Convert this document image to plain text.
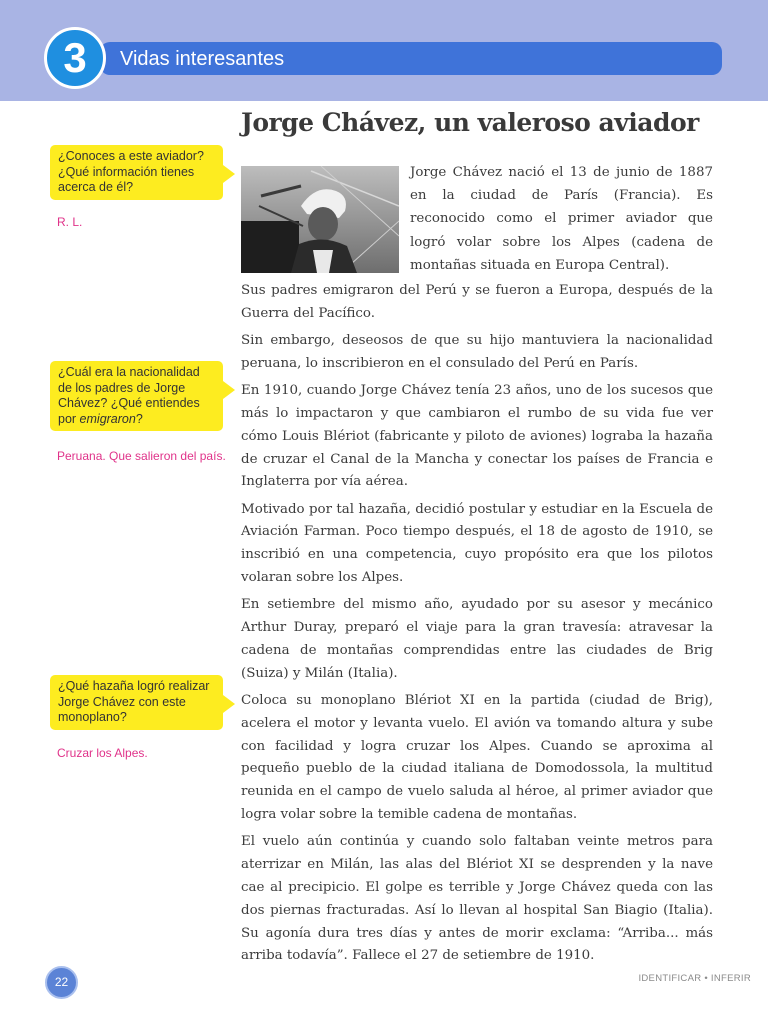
Vidas interesantes
3
Jorge Chávez, un valeroso aviador

Jorge Chávez nació el 13 de junio de 1887 en la ciudad de París (Francia). Es reconocido como el primer aviador que logró volar sobre los Alpes (cadena de montañas situada en Europa Central).

Sus padres emigraron del Perú y se fueron a Europa, después de la Guerra del Pacífico.

Sin embargo, deseosos de que su hijo mantuviera la nacionalidad peruana, lo inscribieron en el consulado del Perú en París.

En 1910, cuando Jorge Chávez tenía 23 años, uno de los sucesos que más lo impactaron y que cambiaron el rumbo de su vida fue ver cómo Louis Blériot (fabricante y piloto de aviones) lograba la hazaña de cruzar el Canal de la Mancha y conectar los países de Francia e Inglaterra por vía aérea.

Motivado por tal hazaña, decidió postular y estudiar en la Escuela de Aviación Farman. Poco tiempo después, el 18 de agosto de 1910, se inscribió en una competencia, cuyo propósito era que los pilotos volaran sobre los Alpes.

En setiembre del mismo año, ayudado por su asesor y mecánico Arthur Duray, preparó el viaje para la gran travesía: atravesar la cadena de montañas comprendidas entre las ciudades de Brig (Suiza) y Milán (Italia).

Coloca su monoplano Blériot XI en la partida (ciudad de Brig), acelera el motor y levanta vuelo. El avión va tomando altura y sube con facilidad y logra cruzar los Alpes. Cuando se aproxima al pequeño pueblo de la ciudad italiana de Domodossola, la multitud reunida en el campo de vuelo saluda al héroe, al primer aviador que logra volar sobre la temible cadena de montañas.

El vuelo aún continúa y cuando solo faltaban veinte metros para aterrizar en Milán, las alas del Blériot XI se desprenden y la nave cae al precipicio. El golpe es terrible y Jorge Chávez queda con las dos piernas fracturadas. Así lo llevan al hospital San Biagio (Italia). Su agonía dura tres días y antes de morir exclama: “Arriba... más arriba todavía”. Fallece el 27 de setiembre de 1910.

¿Conoces a este aviador? ¿Qué información tienes acerca de él?
R. L.
¿Cuál era la nacionalidad de los padres de Jorge Chávez? ¿Qué entiendes por emigraron?
Peruana. Que salieron del país.
¿Qué hazaña logró realizar Jorge Chávez con este monoplano?
Cruzar los Alpes.
22	IDENTIFICAR • INFERIR
